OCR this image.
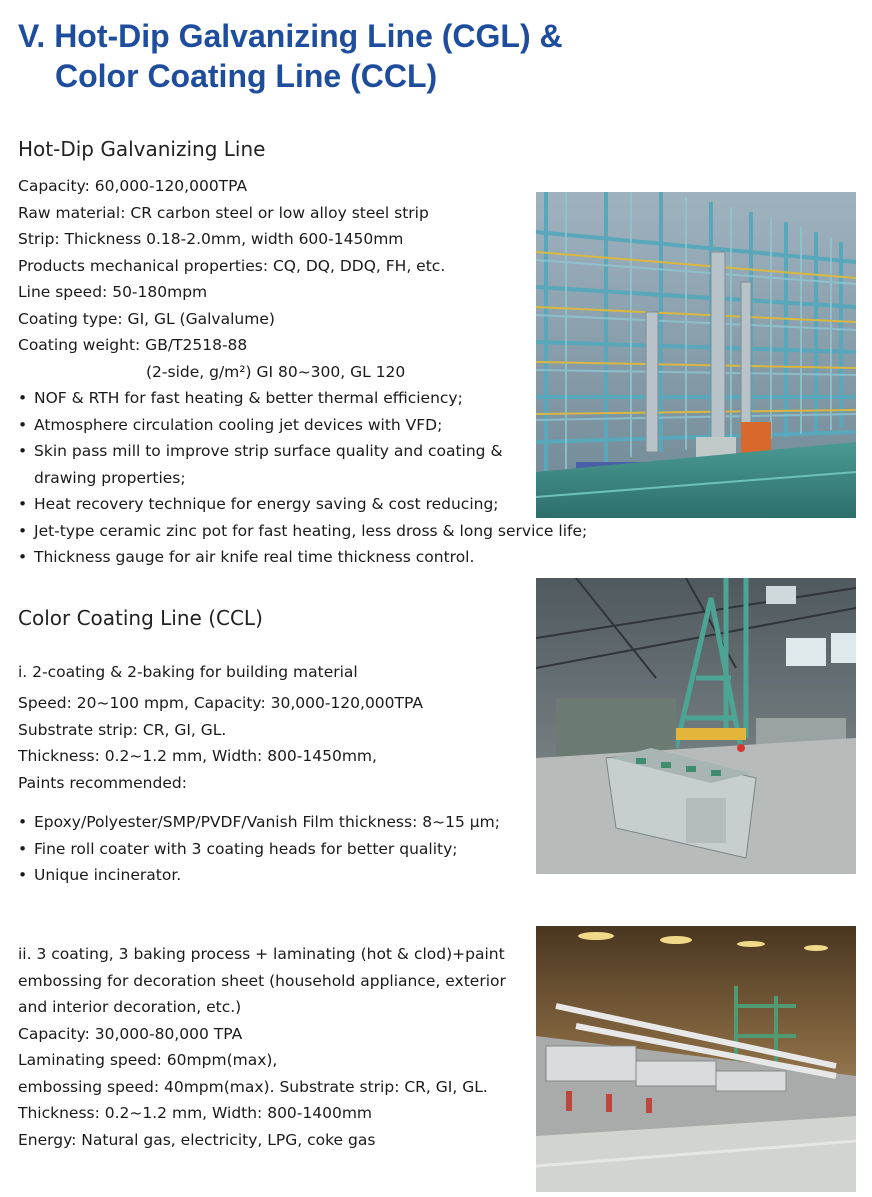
V. Hot-Dip Galvanizing Line (CGL) &
Color Coating Line (CCL)
Hot-Dip Galvanizing Line

Capacity: 60,000-120,000TPA

Raw material: CR carbon steel or low alloy steel strip

Strip: Thickness 0.18-2.0mm, width 600-1450mm

Products mechanical properties: CQ, DQ, DDQ, FH, etc.

Line speed: 50-180mpm

Coating type: GI, GL (Galvalume)

Coating weight: GB/T2518-88

(2-side, g/m²) GI 80~300, GL 120

• NOF & RTH for fast heating & better thermal efficiency;
• Atmosphere circulation cooling jet devices with VFD;
• Skin pass mill to improve strip surface quality and coating &
drawing properties;
• Heat recovery technique for energy saving & cost reducing;
• Jet-type ceramic zinc pot for fast heating, less dross & long service life;
• Thickness gauge for air knife real time thickness control.
Color Coating Line (CCL)

i. 2-coating & 2-baking for building material

Speed: 20~100 mpm, Capacity: 30,000-120,000TPA

Substrate strip: CR, GI, GL.

Thickness: 0.2~1.2 mm, Width: 800-1450mm,

Paints recommended:

• Epoxy/Polyester/SMP/PVDF/Vanish Film thickness: 8~15 µm;
• Fine roll coater with 3 coating heads for better quality;
• Unique incinerator.

ii. 3 coating, 3 baking process + laminating (hot & clod)+paint

embossing for decoration sheet (household appliance, exterior

and interior decoration, etc.)

Capacity: 30,000-80,000 TPA

Laminating speed: 60mpm(max),

embossing speed: 40mpm(max). Substrate strip: CR, GI, GL.

Thickness: 0.2~1.2 mm, Width: 800-1400mm

Energy: Natural gas, electricity, LPG, coke gas
